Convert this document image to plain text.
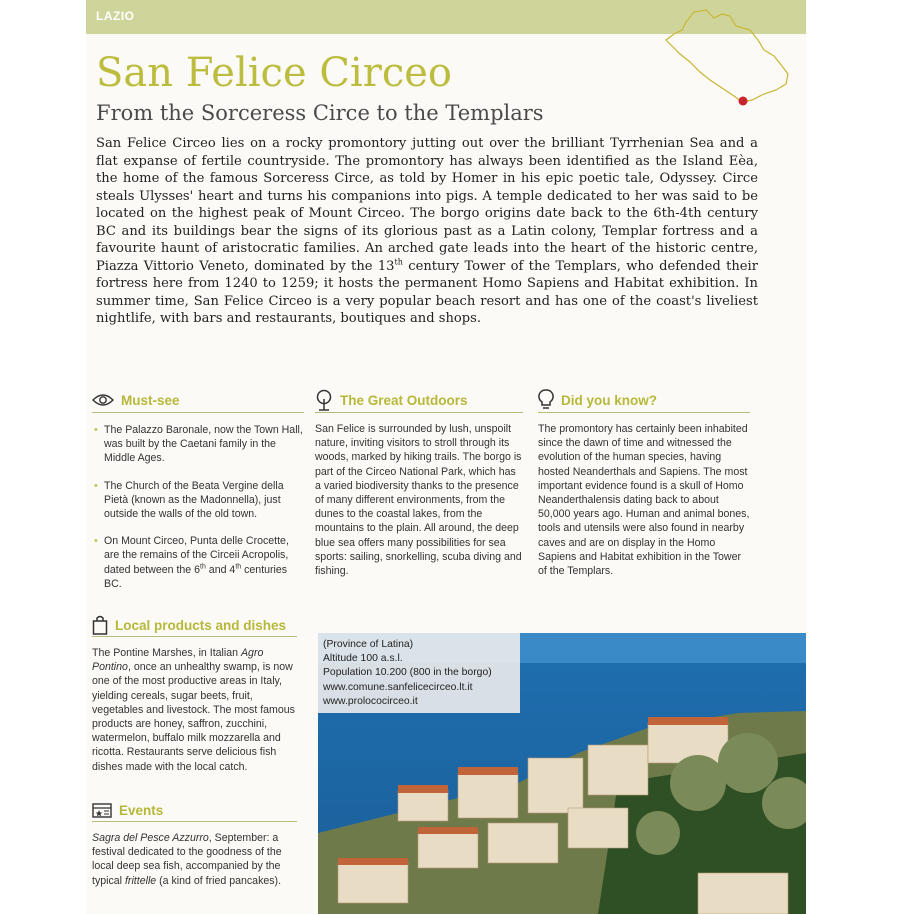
LAZIO
San Felice Circeo
From the Sorceress Circe to the Templars

San Felice Circeo lies on a rocky promontory jutting out over the brilliant Tyrrhenian Sea and a flat expanse of fertile countryside. The promontory has always been identified as the Island Eèa, the home of the famous Sorceress Circe, as told by Homer in his epic poetic tale, Odyssey. Circe steals Ulysses' heart and turns his companions into pigs. A temple dedicated to her was said to be located on the highest peak of Mount Circeo. The borgo origins date back to the 6th-4th century BC and its buildings bear the signs of its glorious past as a Latin colony, Templar fortress and a favourite haunt of aristocratic families. An arched gate leads into the heart of the historic centre, Piazza Vittorio Veneto, dominated by the 13th century Tower of the Templars, who defended their fortress here from 1240 to 1259; it hosts the permanent Homo Sapiens and Habitat exhibition. In summer time, San Felice Circeo is a very popular beach resort and has one of the coast's liveliest nightlife, with bars and restaurants, boutiques and shops.

Must-see
• The Palazzo Baronale, now the Town Hall, was built by the Caetani family in the Middle Ages.
• The Church of the Beata Vergine della Pietà (known as the Madonnella), just outside the walls of the old town.
• On Mount Circeo, Punta delle Crocette, are the remains of the Circeii Acropolis, dated between the 6th and 4th centuries BC.
The Great Outdoors

San Felice is surrounded by lush, unspoilt nature, inviting visitors to stroll through its woods, marked by hiking trails. The borgo is part of the Circeo National Park, which has a varied biodiversity thanks to the presence of many different environments, from the dunes to the coastal lakes, from the mountains to the plain. All around, the deep blue sea offers many possibilities for sea sports: sailing, snorkelling, scuba diving and fishing.

Did you know?

The promontory has certainly been inhabited since the dawn of time and witnessed the evolution of the human species, having hosted Neanderthals and Sapiens. The most important evidence found is a skull of Homo Neanderthalensis dating back to about 50,000 years ago. Human and animal bones, tools and utensils were also found in nearby caves and are on display in the Homo Sapiens and Habitat exhibition in the Tower of the Templars.

Local products and dishes

The Pontine Marshes, in Italian Agro Pontino, once an unhealthy swamp, is now one of the most productive areas in Italy, yielding cereals, sugar beets, fruit, vegetables and livestock. The most famous products are honey, saffron, zucchini, watermelon, buffalo milk mozzarella and ricotta. Restaurants serve delicious fish dishes made with the local catch.

Events

Sagra del Pesce Azzurro, September: a festival dedicated to the goodness of the local deep sea fish, accompanied by the typical frittelle (a kind of fried pancakes).

(Province of Latina)
Altitude 100 a.s.l.
Population 10.200 (800 in the borgo)
www.comune.sanfelicecirceo.lt.it
www.prolococirceo.it
